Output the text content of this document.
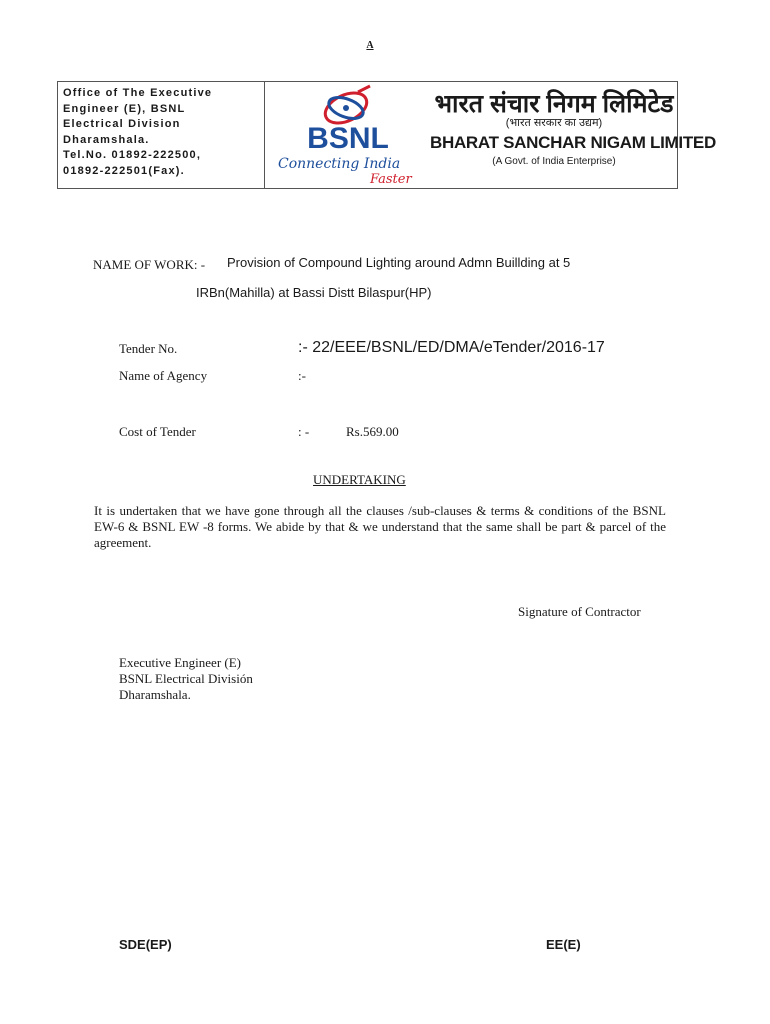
A
Office of The Executive
Engineer (E), BSNL
Electrical Division
Dharamshala.
Tel.No. 01892-222500,
01892-222501(Fax).
BSNL
Connecting India
Faster
भारत संचार निगम लिमिटेड
(भारत सरकार का उद्यम)
BHARAT SANCHAR NIGAM LIMITED
(A Govt. of India Enterprise)
NAME OF WORK: - Provision of Compound Lighting around Admn Buillding at 5
IRBn(Mahilla) at Bassi Distt Bilaspur(HP)
Tender No.	:- 22/EEE/BSNL/ED/DMA/eTender/2016-17
Name of Agency	:-
Cost of Tender	: -	Rs.569.00
UNDERTAKING
It is undertaken that we have gone through all the clauses /sub-clauses & terms & conditions of the BSNL EW-6 & BSNL EW -8 forms. We abide by that & we understand that the same shall be part & parcel of the agreement.
Signature of Contractor
Executive Engineer (E)
BSNL Electrical División
Dharamshala.
SDE(EP)	EE(E)
